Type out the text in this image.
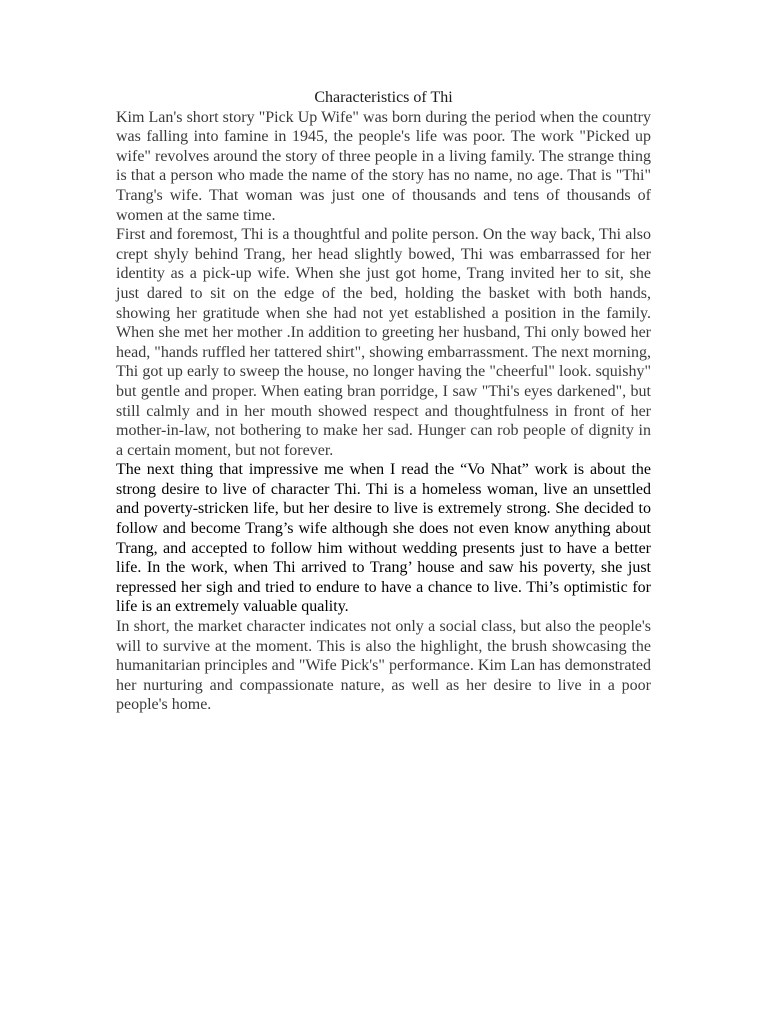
Characteristics of Thi

Kim Lan's short story "Pick Up Wife" was born during the period when the country was falling into famine in 1945, the people's life was poor. The work "Picked up wife" revolves around the story of three people in a living family. The strange thing is that a person who made the name of the story has no name, no age. That is "Thi" Trang's wife. That woman was just one of thousands and tens of thousands of women at the same time.

First and foremost, Thi is a thoughtful and polite person. On the way back, Thi also crept shyly behind Trang, her head slightly bowed, Thi was embarrassed for her identity as a pick-up wife. When she just got home, Trang invited her to sit, she just dared to sit on the edge of the bed, holding the basket with both hands, showing her gratitude when she had not yet established a position in the family. When she met her mother .In addition to greeting her husband, Thi only bowed her head, "hands ruffled her tattered shirt", showing embarrassment. The next morning, Thi got up early to sweep the house, no longer having the "cheerful" look. squishy" but gentle and proper. When eating bran porridge, I saw "Thi's eyes darkened", but still calmly and in her mouth showed respect and thoughtfulness in front of her mother-in-law, not bothering to make her sad. Hunger can rob people of dignity in a certain moment, but not forever.

The next thing that impressive me when I read the “Vo Nhat” work is about the strong desire to live of character Thi. Thi is a homeless woman, live an unsettled and poverty-stricken life, but her desire to live is extremely strong. She decided to follow and become Trang’s wife although she does not even know anything about Trang, and accepted to follow him without wedding presents just to have a better life. In the work, when Thi arrived to Trang’ house and saw his poverty, she just repressed her sigh and tried to endure to have a chance to live. Thi’s optimistic for life is an extremely valuable quality.

In short, the market character indicates not only a social class, but also the people's will to survive at the moment. This is also the highlight, the brush showcasing the humanitarian principles and "Wife Pick's" performance. Kim Lan has demonstrated her nurturing and compassionate nature, as well as her desire to live in a poor people's home.
